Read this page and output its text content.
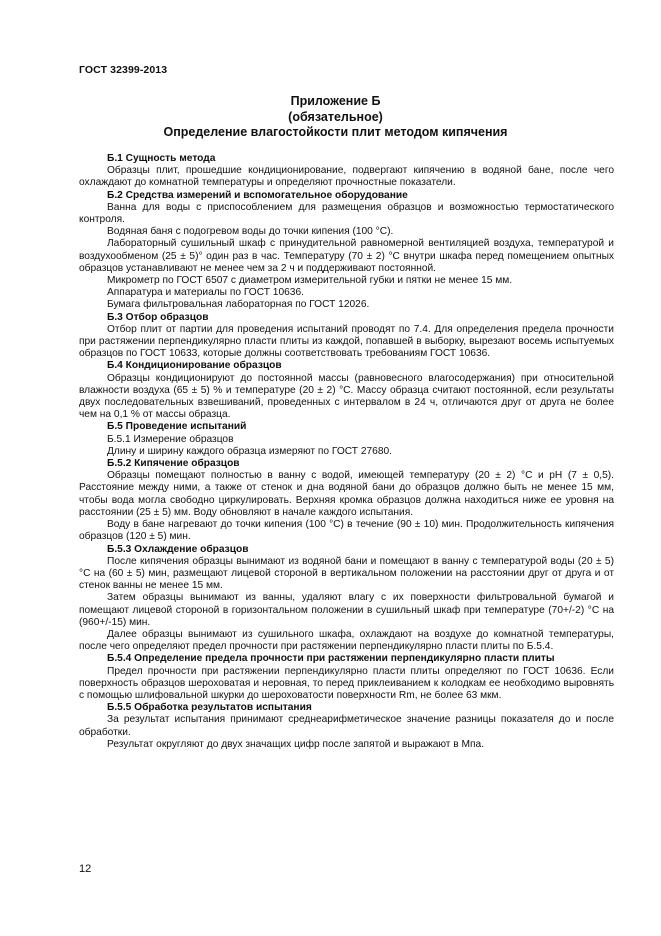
ГОСТ 32399-2013
Приложение Б
(обязательное)
Определение влагостойкости плит методом кипячения

Б.1 Сущность метода

Образцы плит, прошедшие кондиционирование, подвергают кипячению в водяной бане, после чего охлаждают до комнатной температуры и определяют прочностные показатели.

Б.2 Средства измерений и вспомогательное оборудование

Ванна для воды с приспособлением для размещения образцов и возможностью термостатического контроля.

Водяная баня с подогревом воды до точки кипения (100 °С).

Лабораторный сушильный шкаф с принудительной равномерной вентиляцией воздуха, температурой и воздухообменом (25 ± 5)° один раз в час. Температуру (70 ± 2) °С внутри шкафа перед помещением опытных образцов устанавливают не менее чем за 2 ч и поддерживают постоянной.

Микрометр по ГОСТ 6507 с диаметром измерительной губки и пятки не менее 15 мм.

Аппаратура и материалы по ГОСТ 10636.

Бумага фильтровальная лабораторная по ГОСТ 12026.

Б.3 Отбор образцов

Отбор плит от партии для проведения испытаний проводят по 7.4. Для определения предела прочности при растяжении перпендикулярно пласти плиты из каждой, попавшей в выборку, вырезают восемь испытуемых образцов по ГОСТ 10633, которые должны соответствовать требованиям ГОСТ 10636.

Б.4 Кондиционирование образцов

Образцы кондиционируют до постоянной массы (равновесного влагосодержания) при относительной влажности воздуха (65 ± 5) % и температуре (20 ± 2) °С. Массу образца считают постоянной, если результаты двух последовательных взвешиваний, проведенных с интервалом в 24 ч, отличаются друг от друга не более чем на 0,1 % от массы образца.

Б.5 Проведение испытаний

Б.5.1 Измерение образцов

Длину и ширину каждого образца измеряют по ГОСТ 27680.

Б.5.2 Кипячение образцов

Образцы помещают полностью в ванну с водой, имеющей температуру (20 ± 2) °С и pH (7 ± 0,5). Расстояние между ними, а также от стенок и дна водяной бани до образцов должно быть не менее 15 мм, чтобы вода могла свободно циркулировать. Верхняя кромка образцов должна находиться ниже ее уровня на расстоянии (25 ± 5) мм. Воду обновляют в начале каждого испытания.

Воду в бане нагревают до точки кипения (100 °С) в течение (90 ± 10) мин. Продолжительность кипячения образцов (120 ± 5) мин.

Б.5.3 Охлаждение образцов

После кипячения образцы вынимают из водяной бани и помещают в ванну с температурой воды (20 ± 5) °С на (60 ± 5) мин, размещают лицевой стороной в вертикальном положении на расстоянии друг от друга и от стенок ванны не менее 15 мм.

Затем образцы вынимают из ванны, удаляют влагу с их поверхности фильтровальной бумагой и помещают лицевой стороной в горизонтальном положении в сушильный шкаф при температуре (70+/-2) °С на (960+/-15) мин.

Далее образцы вынимают из сушильного шкафа, охлаждают на воздухе до комнатной температуры, после чего определяют предел прочности при растяжении перпендикулярно пласти плиты по Б.5.4.

Б.5.4 Определение предела прочности при растяжении перпендикулярно пласти плиты

Предел прочности при растяжении перпендикулярно пласти плиты определяют по ГОСТ 10636. Если поверхность образцов шероховатая и неровная, то перед приклеиванием к колодкам ее необходимо выровнять с помощью шлифовальной шкурки до шероховатости поверхности Rm, не более 63 мкм.

Б.5.5 Обработка результатов испытания

За результат испытания принимают среднеарифметическое значение разницы показателя до и после обработки.

Результат округляют до двух значащих цифр после запятой и выражают в Мпа.

12
